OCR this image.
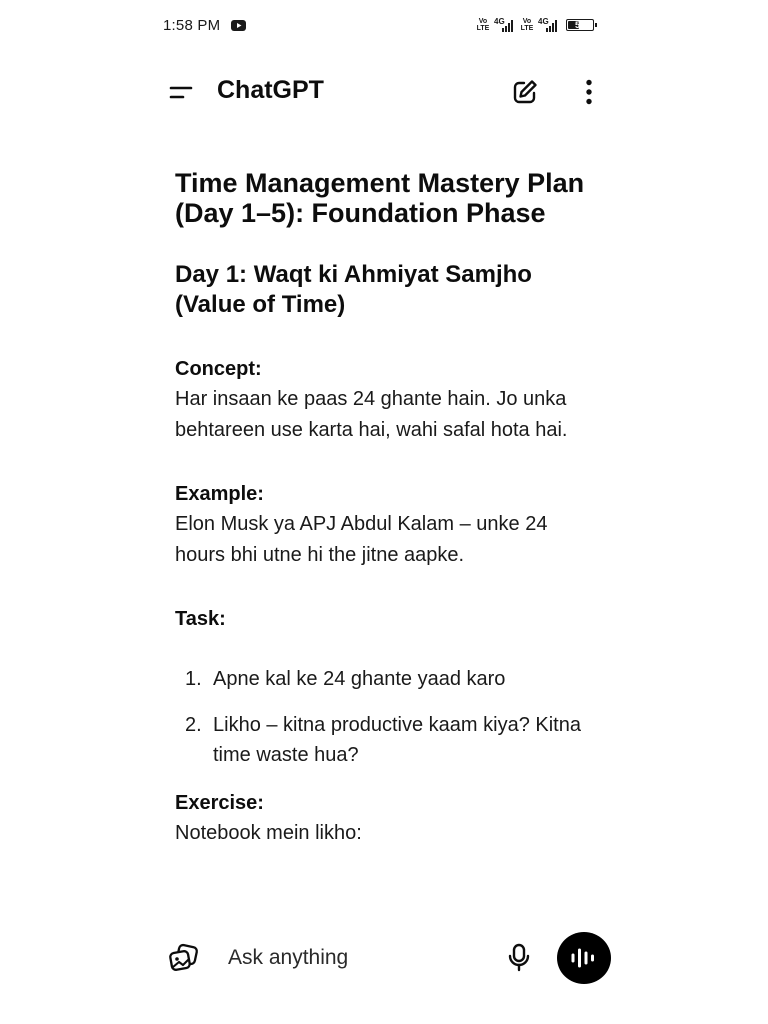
1:58 PM	Vo LTE
4G	Vo LTE
4G	51
ChatGPT
Time Management Mastery Plan (Day 1–5): Foundation Phase
Day 1: Waqt ki Ahmiyat Samjho (Value of Time)
Concept:
Har insaan ke paas 24 ghante hain. Jo unka behtareen use karta hai, wahi safal hota hai.
Example:
Elon Musk ya APJ Abdul Kalam – unke 24 hours bhi utne hi the jitne aapke.
Task:
1. Apne kal ke 24 ghante yaad karo
2. Likho – kitna productive kaam kiya? Kitna time waste hua?
Exercise:
Notebook mein likho:
Ask anything
